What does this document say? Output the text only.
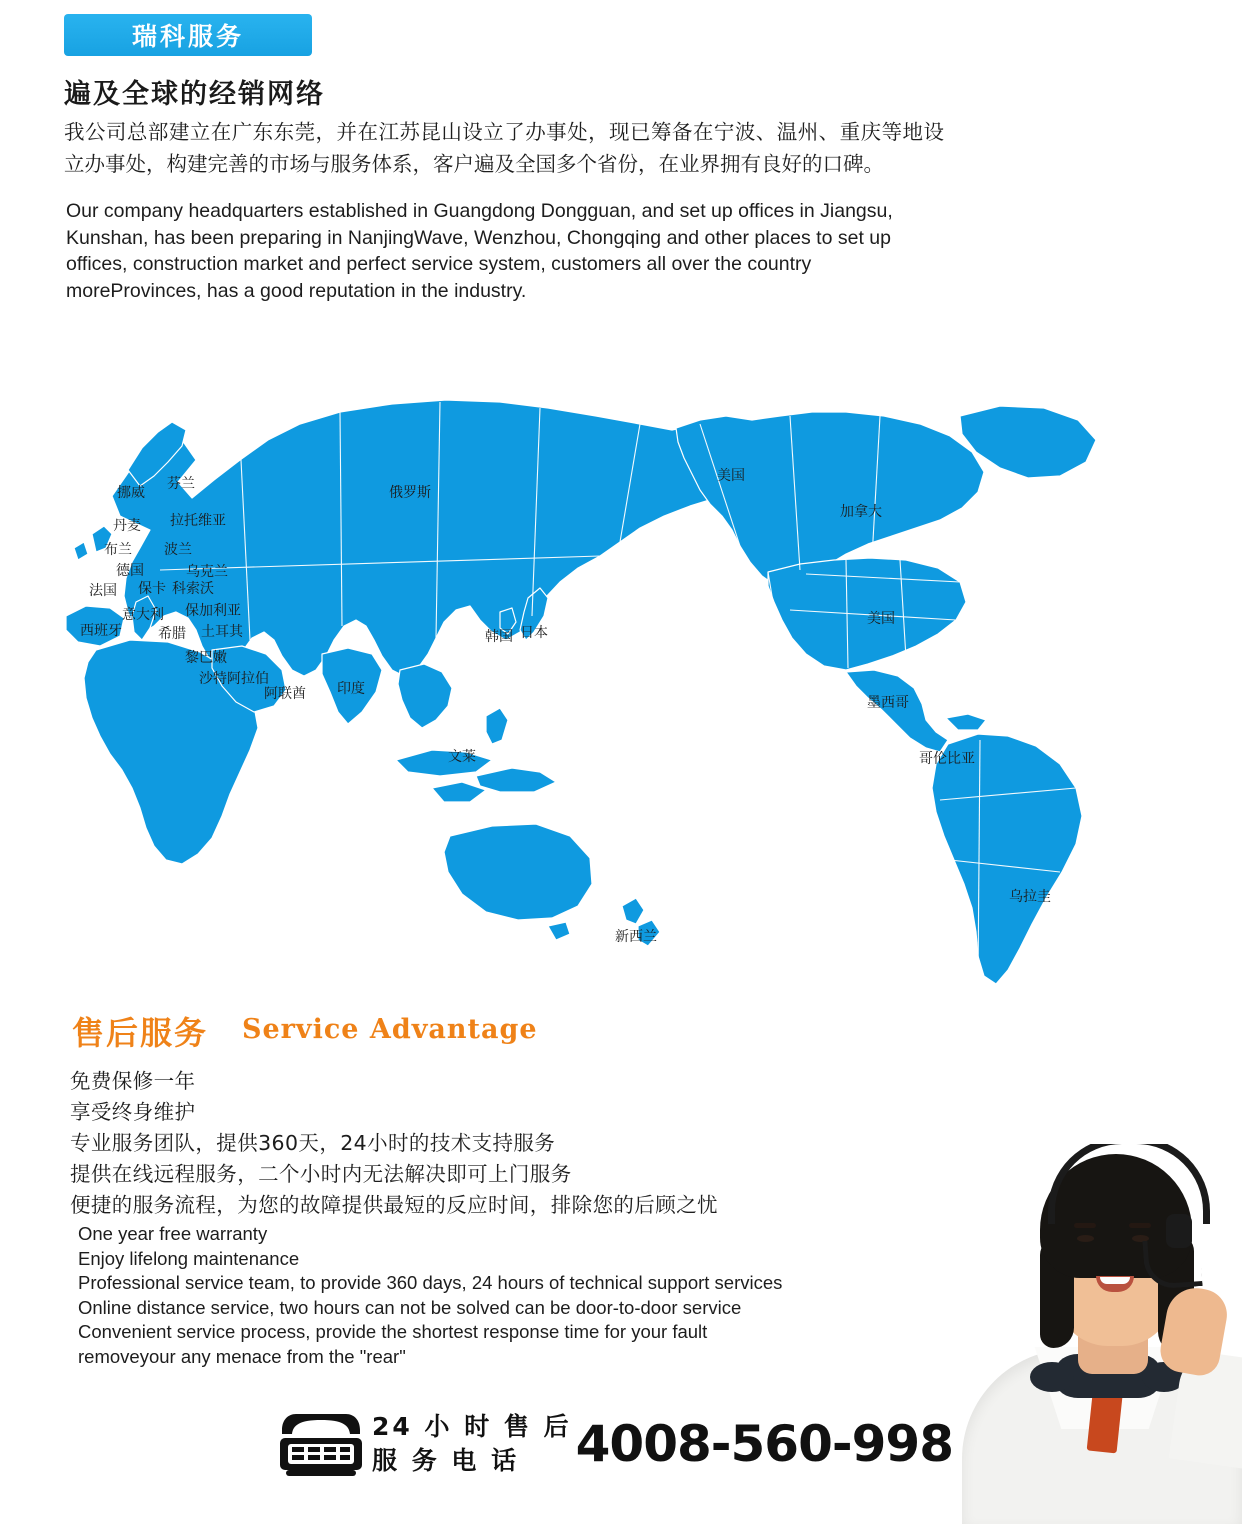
瑞科服务
遍及全球的经销网络
我公司总部建立在广东东莞，并在江苏昆山设立了办事处，现已筹备在宁波、温州、重庆等地设立办事处，构建完善的市场与服务体系，客户遍及全国多个省份，在业界拥有良好的口碑。
Our company headquarters established in Guangdong Dongguan, and set up offices in Jiangsu, Kunshan, has been preparing in NanjingWave, Wenzhou, Chongqing and other places to set up offices, construction market and perfect service system, customers all over the country moreProvinces, has a good reputation in the industry.
挪威
芬兰
丹麦 拉托维亚
布兰 波兰
德国	乌克兰
法国 保卡 科索沃
意大利 保加利亚
西班牙	希腊 土耳其
黎巴嫩
沙特阿拉伯
阿联酋 印度
俄罗斯
韩国 日本
文莱
新西兰
美国
加拿大
美国
墨西哥
哥伦比亚
乌拉圭
售后服务 Service Advantage
免费保修一年
享受终身维护
专业服务团队，提供360天，24小时的技术支持服务
提供在线远程服务，二个小时内无法解决即可上门服务
便捷的服务流程，为您的故障提供最短的反应时间，排除您的后顾之忧
One year free warranty
Enjoy lifelong maintenance
Professional service team, to provide 360 days, 24 hours of technical support services
Online distance service, two hours can not be solved can be door-to-door service
Convenient service process, provide the shortest response time for your fault
removeyour any menace from the "rear"
24 小 时 售 后
服 务 电 话	4008-560-998
